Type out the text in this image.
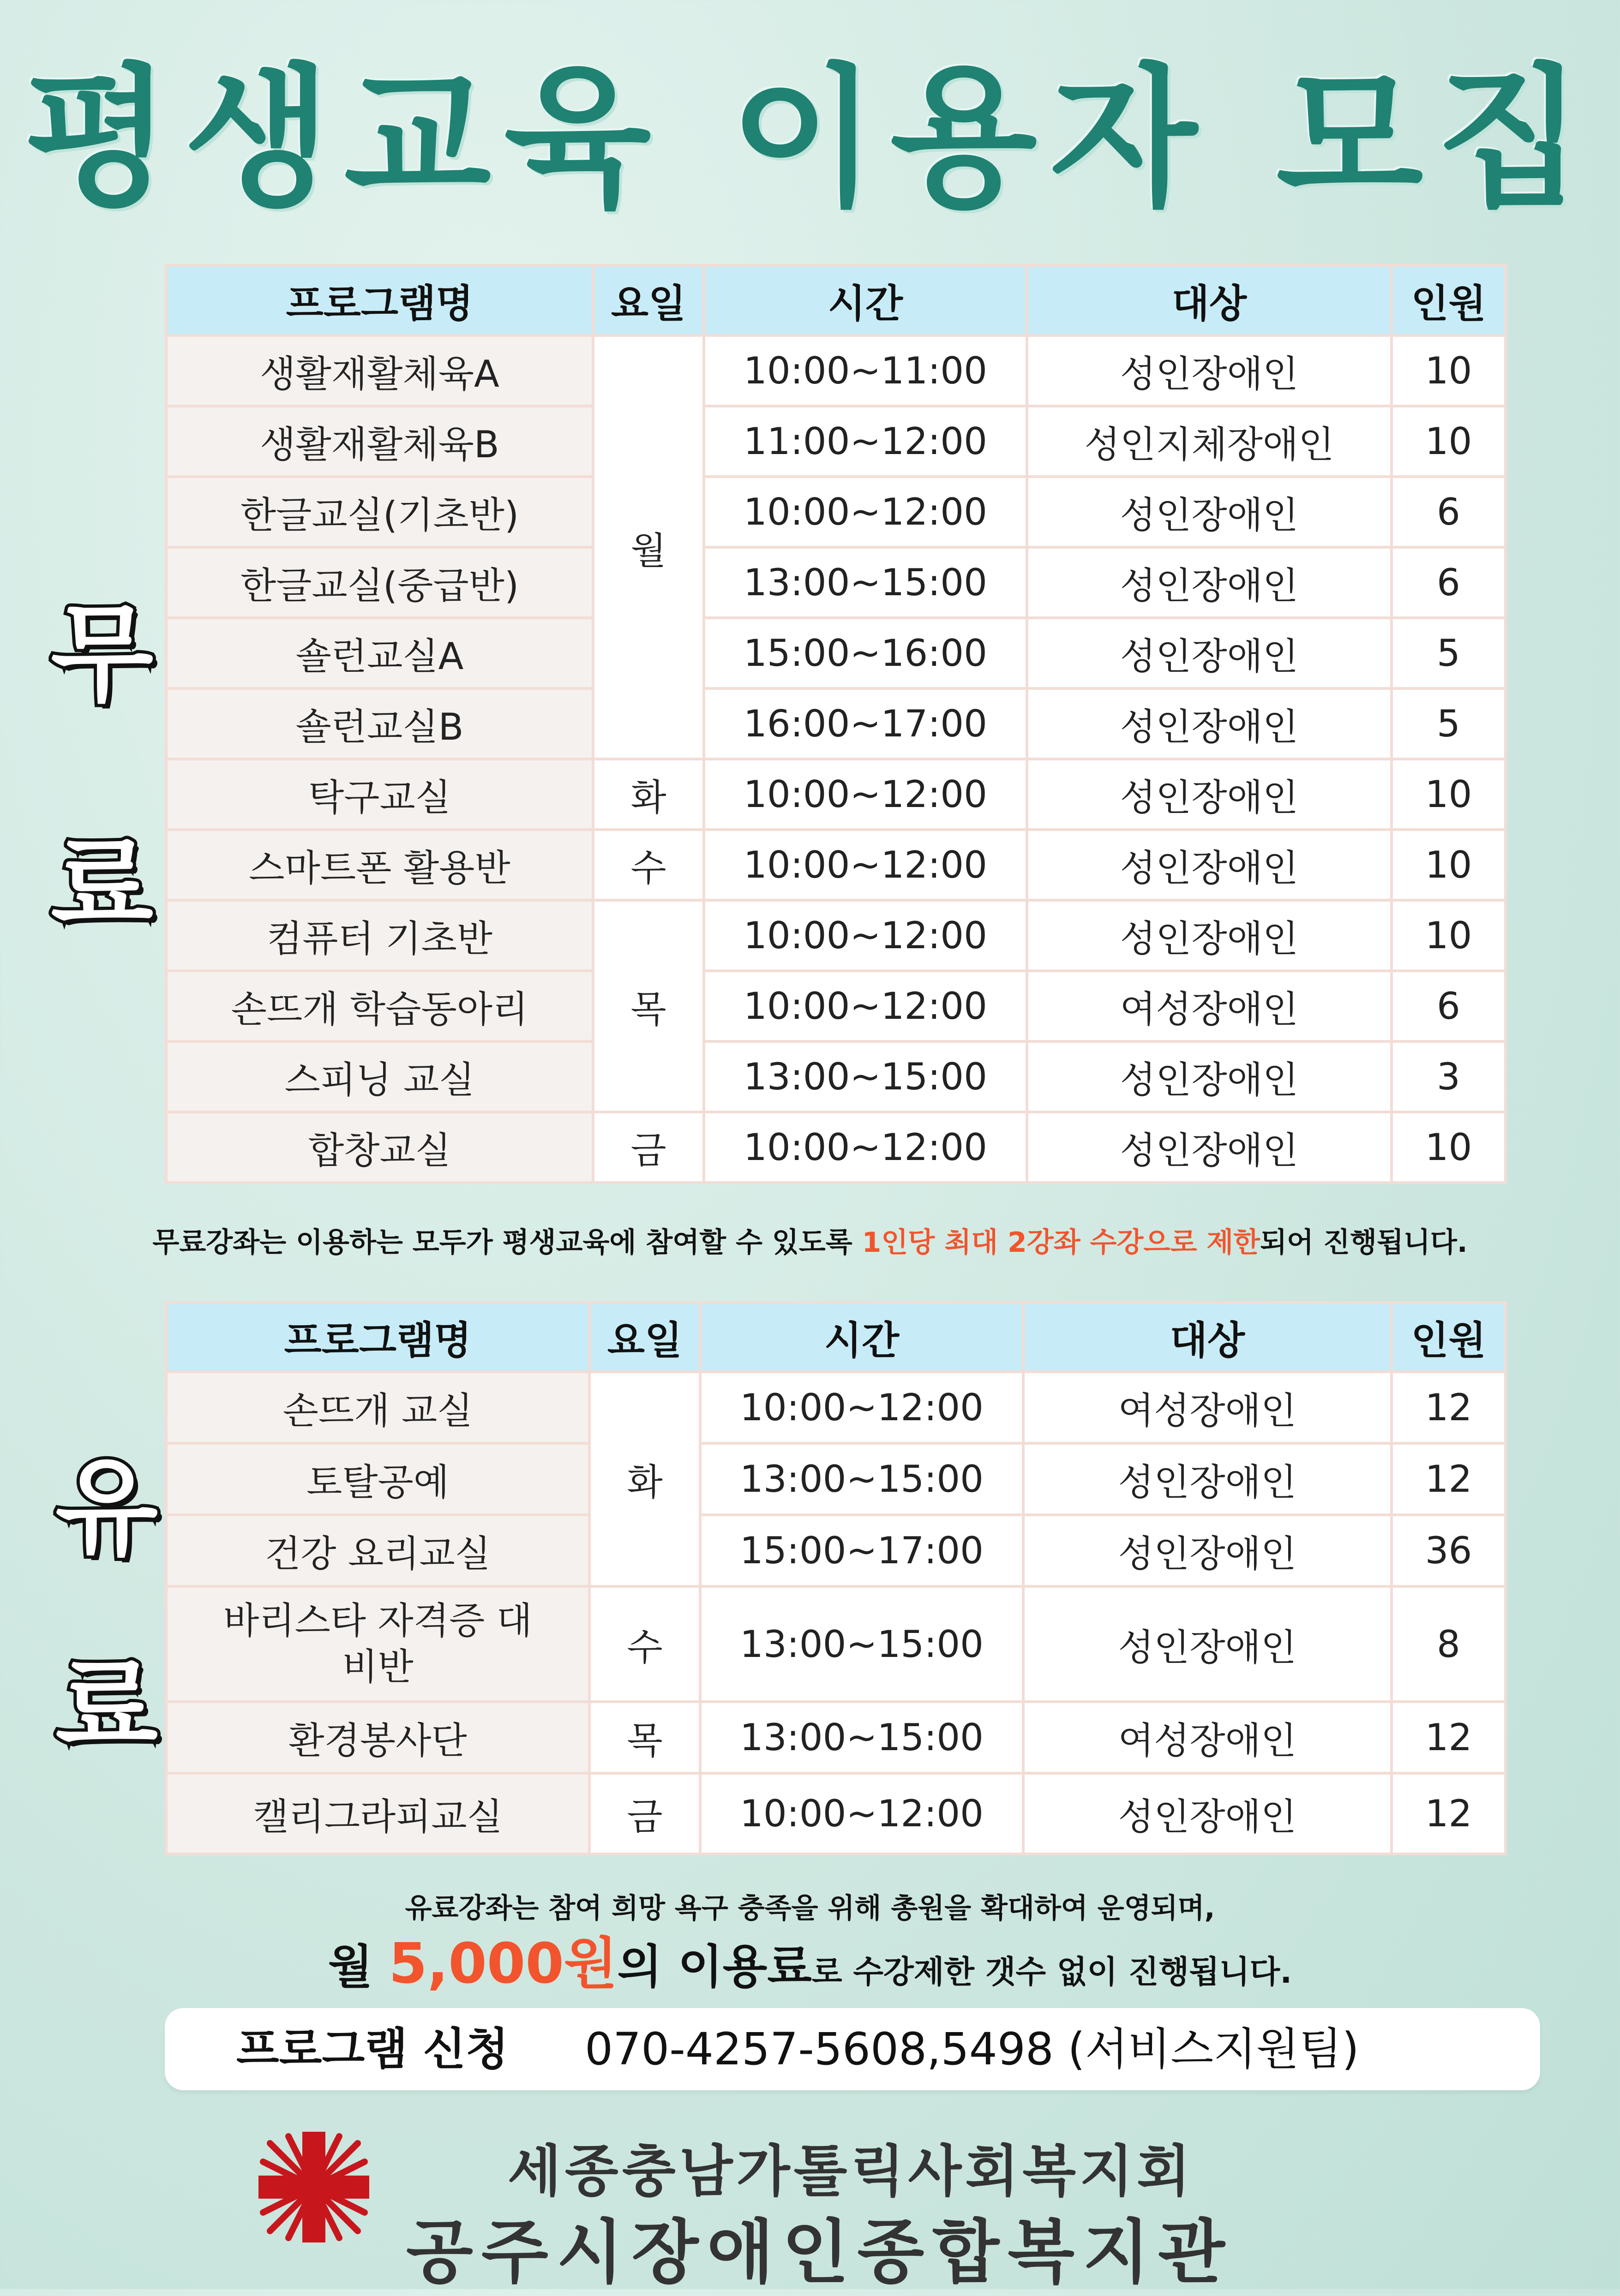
평생교육 이용자 모집
무
료
프로그램명	요일	시간	대상	인원
생활재활체육A	월	10:00~11:00	성인장애인	10
생활재활체육B		11:00~12:00	성인지체장애인	10
한글교실(기초반)		10:00~12:00	성인장애인	6
한글교실(중급반)		13:00~15:00	성인장애인	6
숄런교실A		15:00~16:00	성인장애인	5
숄런교실B		16:00~17:00	성인장애인	5
탁구교실	화	10:00~12:00	성인장애인	10
스마트폰 활용반	수	10:00~12:00	성인장애인	10
컴퓨터 기초반	목	10:00~12:00	성인장애인	10
손뜨개 학습동아리		10:00~12:00	여성장애인	6
스피닝 교실		13:00~15:00	성인장애인	3
합창교실	금	10:00~12:00	성인장애인	10
무료강좌는 이용하는 모두가 평생교육에 참여할 수 있도록 1인당 최대 2강좌 수강으로 제한되어 진행됩니다.
유
료
프로그램명	요일	시간	대상	인원
손뜨개 교실	화	10:00~12:00	여성장애인	12
토탈공예		13:00~15:00	성인장애인	12
건강 요리교실		15:00~17:00	성인장애인	36
바리스타 자격증 대비반	수	13:00~15:00	성인장애인	8
환경봉사단	목	13:00~15:00	여성장애인	12
캘리그라피교실	금	10:00~12:00	성인장애인	12
유료강좌는 참여 희망 욕구 충족을 위해 총원을 확대하여 운영되며,
월 5,000원의 이용료로 수강제한 갯수 없이 진행됩니다.
프로그램 신청 070-4257-5608,5498 (서비스지원팀)
세종충남가톨릭사회복지회
공주시장애인종합복지관
